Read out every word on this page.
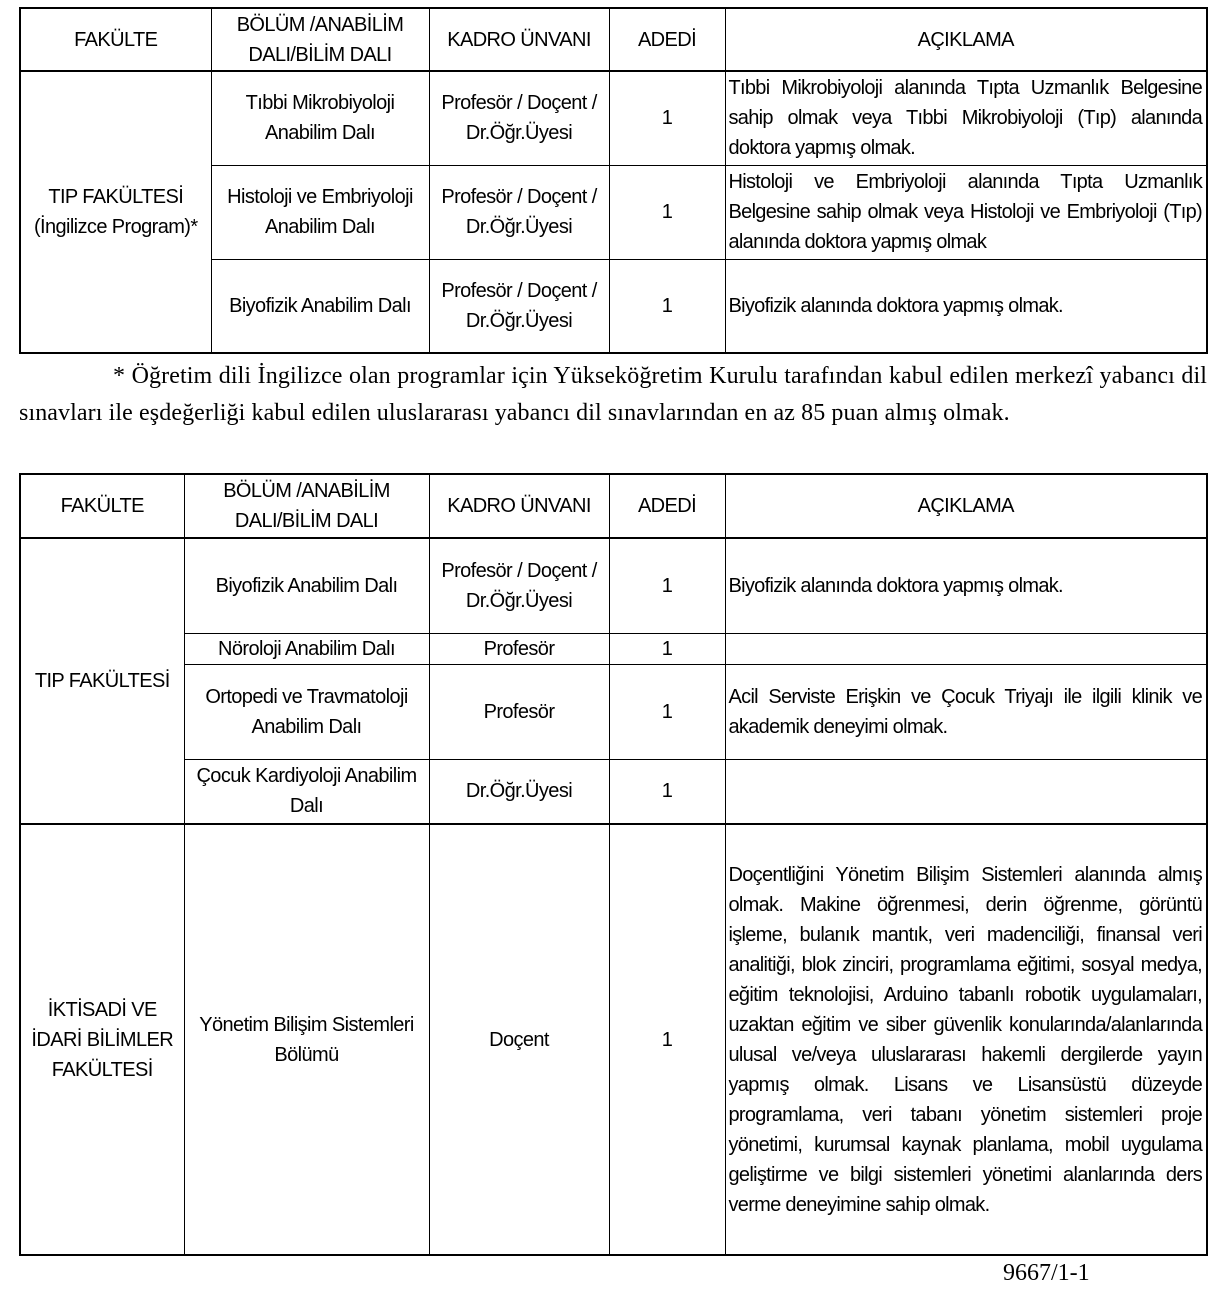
FAKÜLTE	BÖLÜM /ANABİLİM DALI/BİLİM DALI	KADRO ÜNVANI	ADEDİ	AÇIKLAMA
TIP FAKÜLTESİ (İngilizce Program)*	Tıbbi Mikrobiyoloji Anabilim Dalı	Profesör / Doçent / Dr.Öğr.Üyesi	1	Tıbbi Mikrobiyoloji alanında Tıpta Uzmanlık Belgesine sahip olmak veya Tıbbi Mikrobiyoloji (Tıp) alanında doktora yapmış olmak.
	Histoloji ve Embriyoloji Anabilim Dalı	Profesör / Doçent / Dr.Öğr.Üyesi	1	Histoloji ve Embriyoloji alanında Tıpta Uzmanlık Belgesine sahip olmak veya Histoloji ve Embriyoloji (Tıp) alanında doktora yapmış olmak
	Biyofizik Anabilim Dalı	Profesör / Doçent / Dr.Öğr.Üyesi	1	Biyofizik alanında doktora yapmış olmak.
* Öğretim dili İngilizce olan programlar için Yükseköğretim Kurulu tarafından kabul edilen merkezî yabancı dil sınavları ile eşdeğerliği kabul edilen uluslararası yabancı dil sınavlarından en az 85 puan almış olmak.
FAKÜLTE	BÖLÜM /ANABİLİM DALI/BİLİM DALI	KADRO ÜNVANI	ADEDİ	AÇIKLAMA
TIP FAKÜLTESİ	Biyofizik Anabilim Dalı	Profesör / Doçent / Dr.Öğr.Üyesi	1	Biyofizik alanında doktora yapmış olmak.
	Nöroloji Anabilim Dalı	Profesör	1	
	Ortopedi ve Travmatoloji Anabilim Dalı	Profesör	1	Acil Serviste Erişkin ve Çocuk Triyajı ile ilgili klinik ve akademik deneyimi olmak.
	Çocuk Kardiyoloji Anabilim Dalı	Dr.Öğr.Üyesi	1	
İKTİSADİ VE İDARİ BİLİMLER FAKÜLTESİ	Yönetim Bilişim Sistemleri Bölümü	Doçent	1	Doçentliğini Yönetim Bilişim Sistemleri alanında almış olmak. Makine öğrenmesi, derin öğrenme, görüntü işleme, bulanık mantık, veri madenciliği, finansal veri analitiği, blok zinciri, programlama eğitimi, sosyal medya, eğitim teknolojisi, Arduino tabanlı robotik uygulamaları, uzaktan eğitim ve siber güvenlik konularında/alanlarında ulusal ve/veya uluslararası hakemli dergilerde yayın yapmış olmak. Lisans ve Lisansüstü düzeyde programlama, veri tabanı yönetim sistemleri proje yönetimi, kurumsal kaynak planlama, mobil uygulama geliştirme ve bilgi sistemleri yönetimi alanlarında ders verme deneyimine sahip olmak.
9667/1-1
